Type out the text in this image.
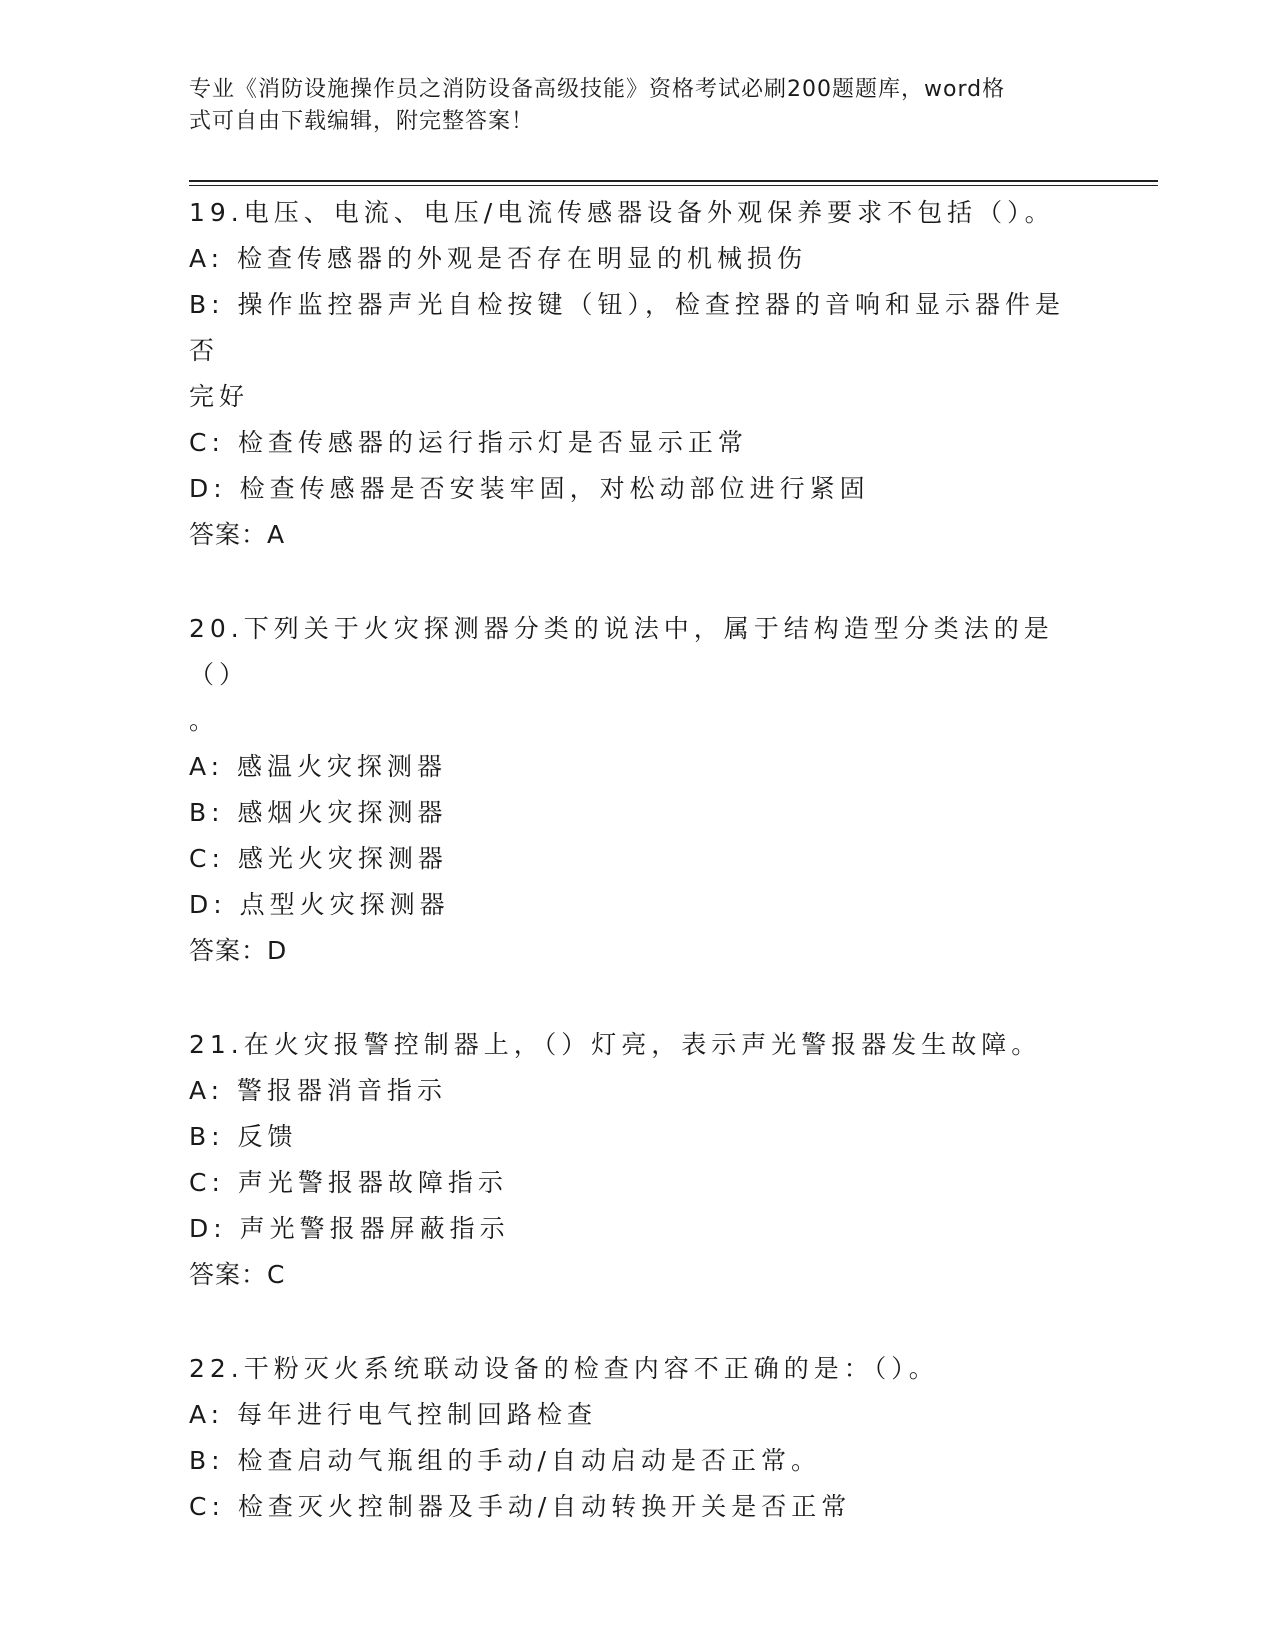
专业《消防设施操作员之消防设备高级技能》资格考试必刷200题题库，word格
式可自由下载编辑，附完整答案！
19.电压、电流、电压/电流传感器设备外观保养要求不包括（）。
A: 检查传感器的外观是否存在明显的机械损伤
B: 操作监控器声光自检按键（钮），检查控器的音响和显示器件是否
完好
C: 检查传感器的运行指示灯是否显示正常
D: 检查传感器是否安装牢固，对松动部位进行紧固
答案：A
20.下列关于火灾探测器分类的说法中，属于结构造型分类法的是（）
。
A: 感温火灾探测器
B: 感烟火灾探测器
C: 感光火灾探测器
D: 点型火灾探测器
答案：D
21.在火灾报警控制器上，（）灯亮，表示声光警报器发生故障。
A: 警报器消音指示
B: 反馈
C: 声光警报器故障指示
D: 声光警报器屏蔽指示
答案：C
22.干粉灭火系统联动设备的检查内容不正确的是：（）。
A: 每年进行电气控制回路检查
B: 检查启动气瓶组的手动/自动启动是否正常。
C: 检查灭火控制器及手动/自动转换开关是否正常
